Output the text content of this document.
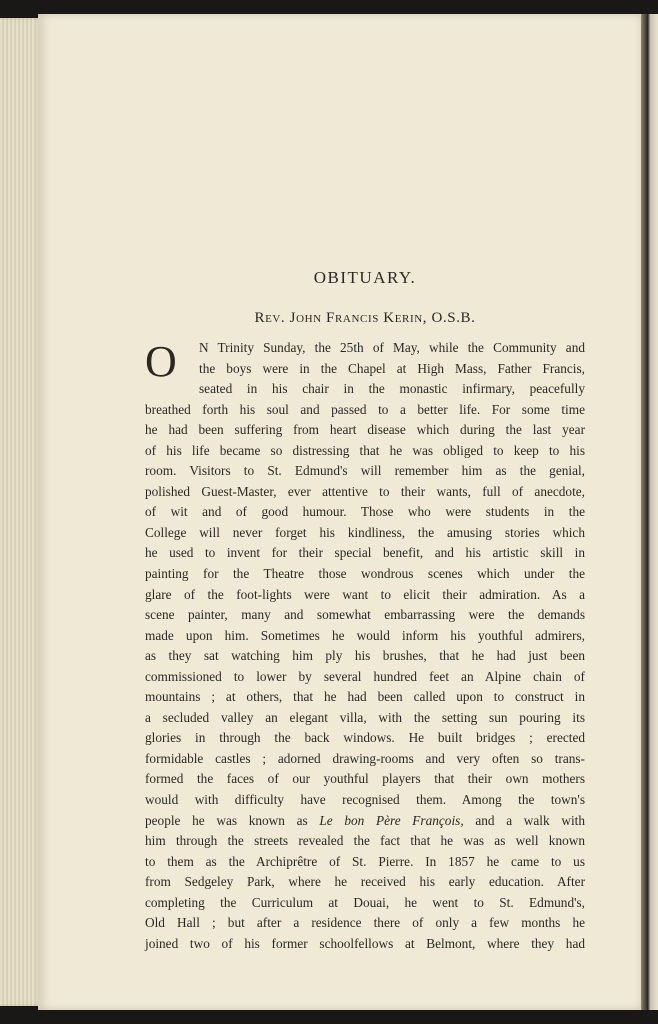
OBITUARY.
Rev. John Francis Kerin, O.S.B.
O	N Trinity Sunday, the 25th of May, while the Community and
the boys were in the Chapel at High Mass, Father Francis,
seated in his chair in the monastic infirmary, peacefully
breathed forth his soul and passed to a better life. For some time
he had been suffering from heart disease which during the last year
of his life became so distressing that he was obliged to keep to his
room. Visitors to St. Edmund's will remember him as the genial,
polished Guest-Master, ever attentive to their wants, full of anecdote,
of wit and of good humour. Those who were students in the
College will never forget his kindliness, the amusing stories which
he used to invent for their special benefit, and his artistic skill in
painting for the Theatre those wondrous scenes which under the
glare of the foot-lights were want to elicit their admiration. As a
scene painter, many and somewhat embarrassing were the demands
made upon him. Sometimes he would inform his youthful admirers,
as they sat watching him ply his brushes, that he had just been
commissioned to lower by several hundred feet an Alpine chain of
mountains ; at others, that he had been called upon to construct in
a secluded valley an elegant villa, with the setting sun pouring its
glories in through the back windows. He built bridges ; erected
formidable castles ; adorned drawing-rooms and very often so trans-
formed the faces of our youthful players that their own mothers
would with difficulty have recognised them. Among the town's
people he was known as Le bon Père François, and a walk with
him through the streets revealed the fact that he was as well known
to them as the Archiprêtre of St. Pierre. In 1857 he came to us
from Sedgeley Park, where he received his early education. After
completing the Curriculum at Douai, he went to St. Edmund's,
Old Hall ; but after a residence there of only a few months he
joined two of his former schoolfellows at Belmont, where they had
